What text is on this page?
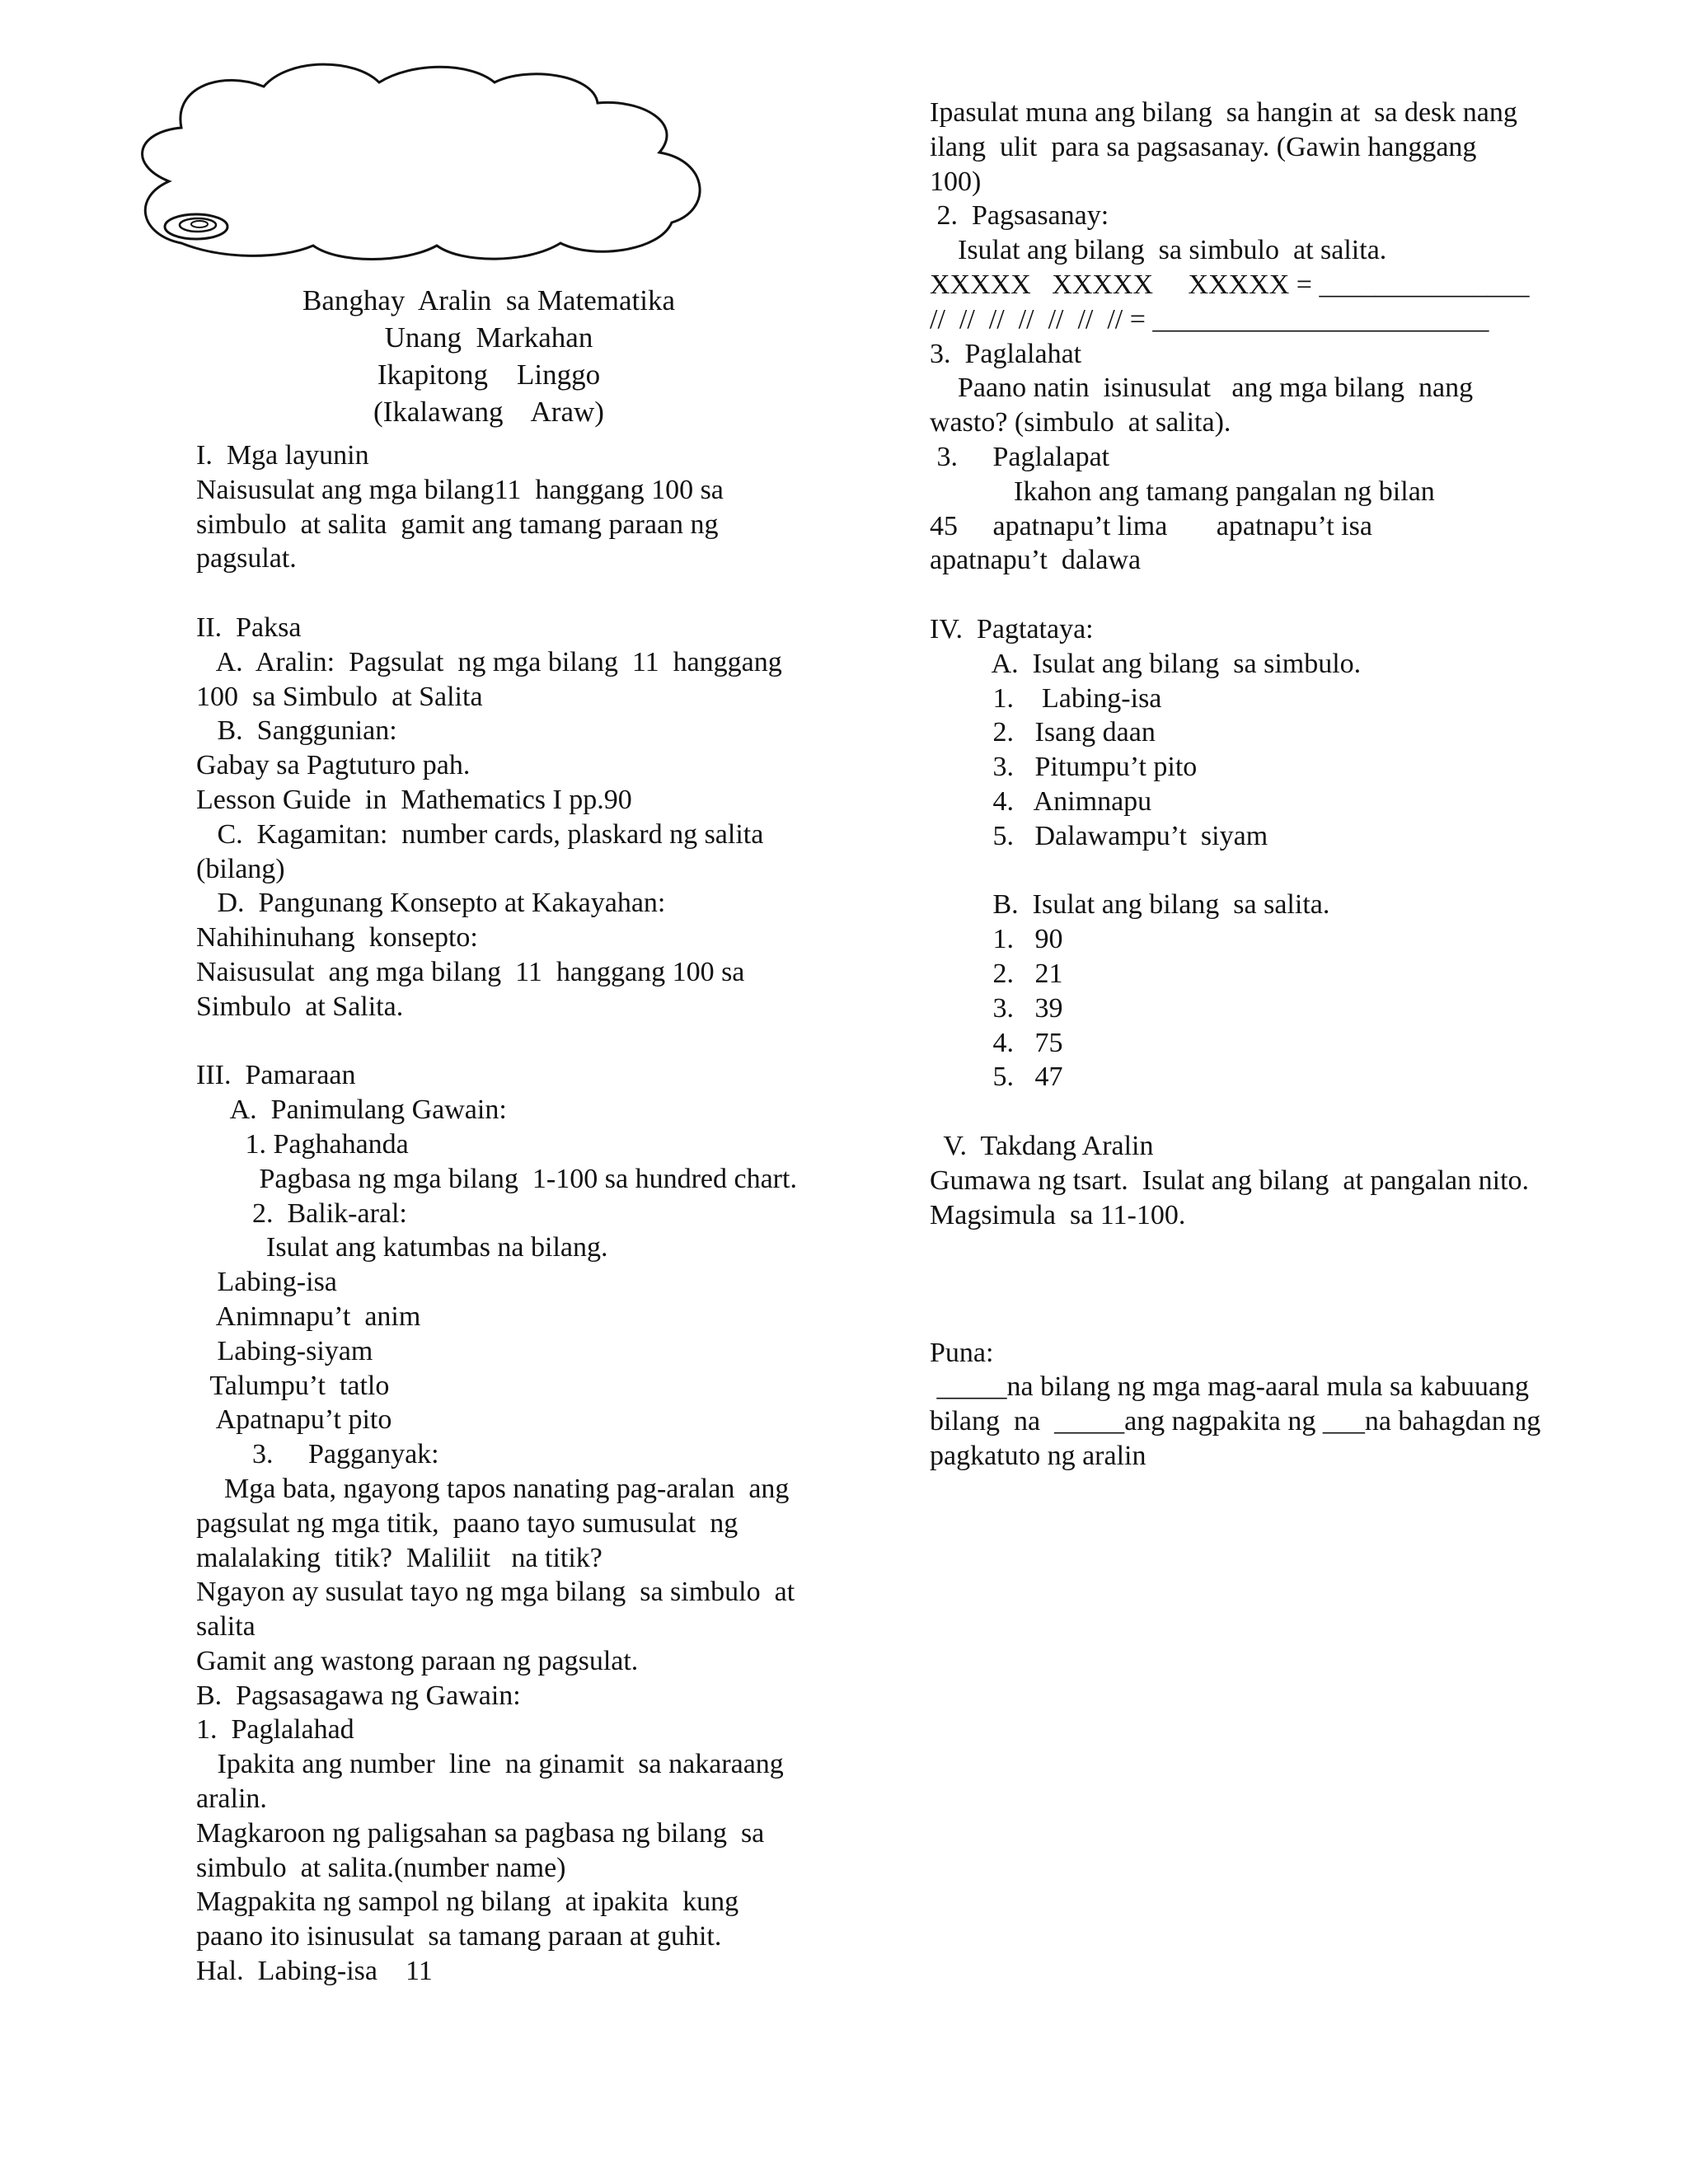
Banghay  Aralin  sa Matematika
Unang  Markahan
Ikapitong    Linggo
(Ikalawang    Araw)
I.  Mga layunin
Naisusulat ang mga bilang11  hanggang 100 sa
simbulo  at salita  gamit ang tamang paraan ng
pagsulat.
II.  Paksa
A.  Aralin:  Pagsulat  ng mga bilang  11  hanggang
100  sa Simbulo  at Salita
B.  Sanggunian:
Gabay sa Pagtuturo pah.
Lesson Guide  in  Mathematics I pp.90
C.  Kagamitan:  number cards, plaskard ng salita
(bilang)
D.  Pangunang Konsepto at Kakayahan:
Nahihinuhang  konsepto:
Naisusulat  ang mga bilang  11  hanggang 100 sa
Simbulo  at Salita.
III.  Pamaraan
A.  Panimulang Gawain:
1. Paghahanda
Pagbasa ng mga bilang  1-100 sa hundred chart.
2.  Balik-aral:
Isulat ang katumbas na bilang.
Labing-isa
Animnapu’t  anim
Labing-siyam
Talumpu’t  tatlo
Apatnapu’t pito
3.     Pagganyak:
Mga bata, ngayong tapos nanating pag-aralan  ang
pagsulat ng mga titik,  paano tayo sumusulat  ng
malalaking  titik?  Maliliit   na titik?
Ngayon ay susulat tayo ng mga bilang  sa simbulo  at
salita
Gamit ang wastong paraan ng pagsulat.
B.  Pagsasagawa ng Gawain:
1.  Paglalahad
Ipakita ang number  line  na ginamit  sa nakaraang
aralin.
Magkaroon ng paligsahan sa pagbasa ng bilang  sa
simbulo  at salita.(number name)
Magpakita ng sampol ng bilang  at ipakita  kung
paano ito isinusulat  sa tamang paraan at guhit.
Hal.  Labing-isa    11
Ipasulat muna ang bilang  sa hangin at  sa desk nang
ilang  ulit  para sa pagsasanay. (Gawin hanggang
100)
2.  Pagsasanay:
Isulat ang bilang  sa simbulo  at salita.
XXXXX   XXXXX     XXXXX = _______________
//  //  //  //  //  //  // = ________________________
3.  Paglalahat
Paano natin  isinusulat   ang mga bilang  nang
wasto? (simbulo  at salita).
3.     Paglalapat
Ikahon ang tamang pangalan ng bilan
45     apatnapu’t lima       apatnapu’t isa
apatnapu’t  dalawa
IV.  Pagtataya:
A.  Isulat ang bilang  sa simbulo.
1.    Labing-isa
2.   Isang daan
3.   Pitumpu’t pito
4.   Animnapu
5.   Dalawampu’t  siyam
B.  Isulat ang bilang  sa salita.
1.   90
2.   21
3.   39
4.   75
5.   47
V.  Takdang Aralin
Gumawa ng tsart.  Isulat ang bilang  at pangalan nito.
Magsimula  sa 11-100.
Puna:
_____na bilang ng mga mag-aaral mula sa kabuuang
bilang  na  _____ang nagpakita ng ___na bahagdan ng
pagkatuto ng aralin
